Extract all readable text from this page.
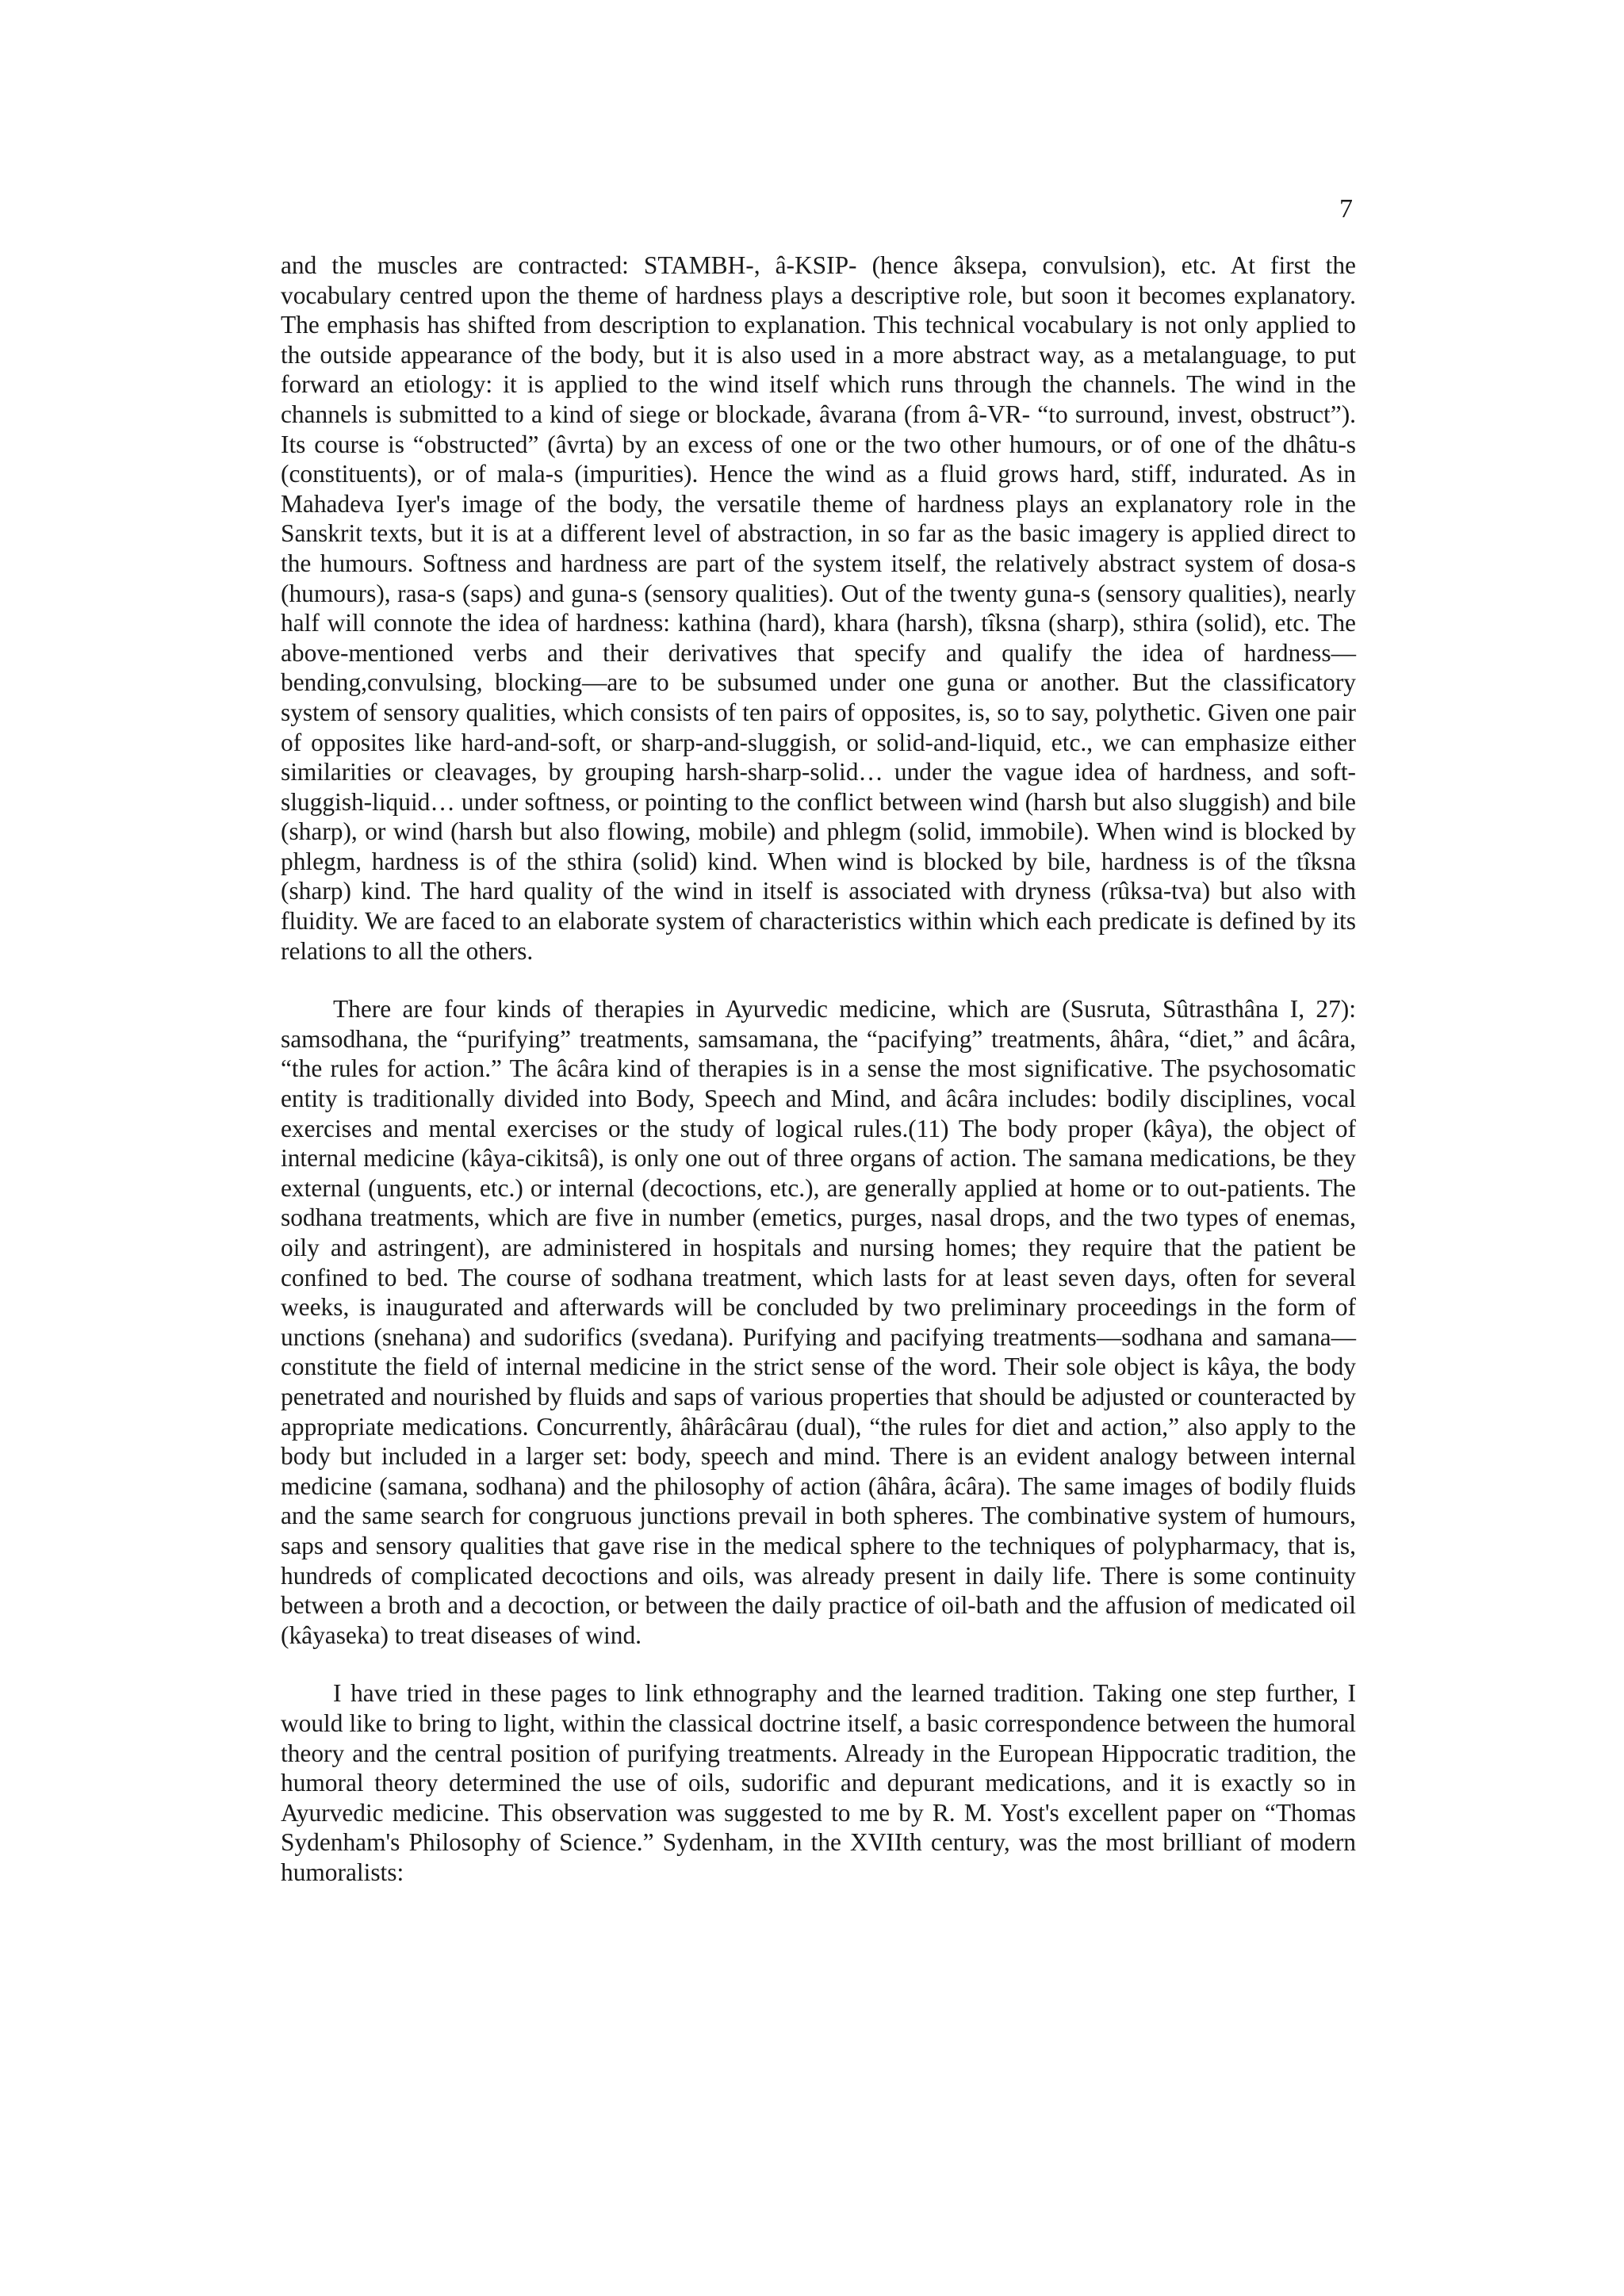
7

and the muscles are contracted: STAMBH-, â-KSIP- (hence âksepa, convulsion), etc. At first the vocabulary centred upon the theme of hardness plays a descriptive role, but soon it becomes explanatory. The emphasis has shifted from description to explanation. This technical vocabulary is not only applied to the outside appearance of the body, but it is also used in a more abstract way, as a metalanguage, to put forward an etiology: it is applied to the wind itself which runs through the channels. The wind in the channels is submitted to a kind of siege or blockade, âvarana (from â-VR- “to surround, invest, obstruct”). Its course is “obstructed” (âvrta) by an excess of one or the two other humours, or of one of the dhâtu-s (constituents), or of mala-s (impurities). Hence the wind as a fluid grows hard, stiff, indurated. As in Mahadeva Iyer's image of the body, the versatile theme of hardness plays an explanatory role in the Sanskrit texts, but it is at a different level of abstraction, in so far as the basic imagery is applied direct to the humours. Softness and hardness are part of the system itself, the relatively abstract system of dosa-s (humours), rasa-s (saps) and guna-s (sensory qualities). Out of the twenty guna-s (sensory qualities), nearly half will connote the idea of hardness: kathina (hard), khara (harsh), tîksna (sharp), sthira (solid), etc. The above-mentioned verbs and their derivatives that specify and qualify the idea of hardness—bending,convulsing, blocking—are to be subsumed under one guna or another. But the classificatory system of sensory qualities, which consists of ten pairs of opposites, is, so to say, polythetic. Given one pair of opposites like hard-and-soft, or sharp-and-sluggish, or solid-and-liquid, etc., we can emphasize either similarities or cleavages, by grouping harsh-sharp-solid… under the vague idea of hardness, and soft-sluggish-liquid… under softness, or pointing to the conflict between wind (harsh but also sluggish) and bile (sharp), or wind (harsh but also flowing, mobile) and phlegm (solid, immobile). When wind is blocked by phlegm, hardness is of the sthira (solid) kind. When wind is blocked by bile, hardness is of the tîksna (sharp) kind. The hard quality of the wind in itself is associated with dryness (rûksa-tva) but also with fluidity. We are faced to an elaborate system of characteristics within which each predicate is defined by its relations to all the others.

There are four kinds of therapies in Ayurvedic medicine, which are (Susruta, Sûtrasthâna I, 27): samsodhana, the “purifying” treatments, samsamana, the “pacifying” treatments, âhâra, “diet,” and âcâra, “the rules for action.” The âcâra kind of therapies is in a sense the most significative. The psychosomatic entity is traditionally divided into Body, Speech and Mind, and âcâra includes: bodily disciplines, vocal exercises and mental exercises or the study of logical rules.(11) The body proper (kâya), the object of internal medicine (kâya-cikitsâ), is only one out of three organs of action. The samana medications, be they external (unguents, etc.) or internal (decoctions, etc.), are generally applied at home or to out-patients. The sodhana treatments, which are five in number (emetics, purges, nasal drops, and the two types of enemas, oily and astringent), are administered in hospitals and nursing homes; they require that the patient be confined to bed. The course of sodhana treatment, which lasts for at least seven days, often for several weeks, is inaugurated and afterwards will be concluded by two preliminary proceedings in the form of unctions (snehana) and sudorifics (svedana). Purifying and pacifying treatments—sodhana and samana— constitute the field of internal medicine in the strict sense of the word. Their sole object is kâya, the body penetrated and nourished by fluids and saps of various properties that should be adjusted or counteracted by appropriate medications. Concurrently, âhârâcârau (dual), “the rules for diet and action,” also apply to the body but included in a larger set: body, speech and mind. There is an evident analogy between internal medicine (samana, sodhana) and the philosophy of action (âhâra, âcâra). The same images of bodily fluids and the same search for congruous junctions prevail in both spheres. The combinative system of humours, saps and sensory qualities that gave rise in the medical sphere to the techniques of polypharmacy, that is, hundreds of complicated decoctions and oils, was already present in daily life. There is some continuity between a broth and a decoction, or between the daily practice of oil-bath and the affusion of medicated oil (kâyaseka) to treat diseases of wind.

I have tried in these pages to link ethnography and the learned tradition. Taking one step further, I would like to bring to light, within the classical doctrine itself, a basic correspondence between the humoral theory and the central position of purifying treatments. Already in the European Hippocratic tradition, the humoral theory determined the use of oils, sudorific and depurant medications, and it is exactly so in Ayurvedic medicine. This observation was suggested to me by R. M. Yost's excellent paper on “Thomas Sydenham's Philosophy of Science.” Sydenham, in the XVIIth century, was the most brilliant of modern humoralists:
